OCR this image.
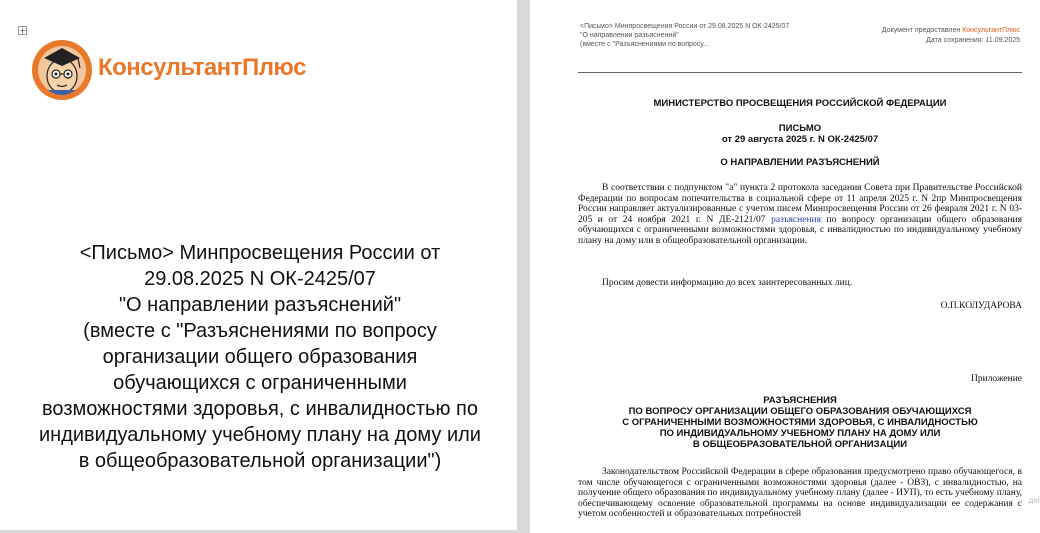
+
КонсультантПлюс
<Письмо> Минпросвещения России от
29.08.2025 N ОК-2425/07
"О направлении разъяснений"
(вместе с "Разъяснениями по вопросу
организации общего образования
обучающихся с ограниченными
возможностями здоровья, с инвалидностью по
индивидуальному учебному плану на дому или
в общеобразовательной организации")
<Письмо> Минпросвещения России от 29.08.2025 N ОК-2425/07
"О направлении разъяснений"
(вместе с "Разъяснениями по вопросу...
Документ предоставлен КонсультантПлюс
Дата сохранения: 11.09.2025
МИНИСТЕРСТВО ПРОСВЕЩЕНИЯ РОССИЙСКОЙ ФЕДЕРАЦИИ
ПИСЬМО
от 29 августа 2025 г. N ОК-2425/07
О НАПРАВЛЕНИИ РАЗЪЯСНЕНИЙ
В соответствии с подпунктом "а" пункта 2 протокола заседания Совета при Правительстве Российской Федерации по вопросам попечительства в социальной сфере от 11 апреля 2025 г. N 2пр Минпросвещения России направляет актуализированные с учетом писем Минпросвещения России от 26 февраля 2021 г. N 03-205 и от 24 ноября 2021 г. N ДЕ-2121/07 разъяснения по вопросу организации общего образования обучающихся с ограниченными возможностями здоровья, с инвалидностью по индивидуальному учебному плану на дому или в общеобразовательной организации.
Просим довести информацию до всех заинтересованных лиц.
О.П.КОЛУДАРОВА
Приложение
РАЗЪЯСНЕНИЯ
ПО ВОПРОСУ ОРГАНИЗАЦИИ ОБЩЕГО ОБРАЗОВАНИЯ ОБУЧАЮЩИХСЯ
С ОГРАНИЧЕННЫМИ ВОЗМОЖНОСТЯМИ ЗДОРОВЬЯ, С ИНВАЛИДНОСТЬЮ
ПО ИНДИВИДУАЛЬНОМУ УЧЕБНОМУ ПЛАНУ НА ДОМУ ИЛИ
В ОБЩЕОБРАЗОВАТЕЛЬНОЙ ОРГАНИЗАЦИИ
Законодательством Российской Федерации в сфере образования предусмотрено право обучающегося, в том числе обучающегося с ограниченными возможностями здоровья (далее - ОВЗ), с инвалидностью, на получение общего образования по индивидуальному учебному плану (далее - ИУП), то есть учебному плану, обеспечивающему освоение образовательной программы на основе индивидуализации ее содержания с учетом особенностей и образовательных потребностей
де/
